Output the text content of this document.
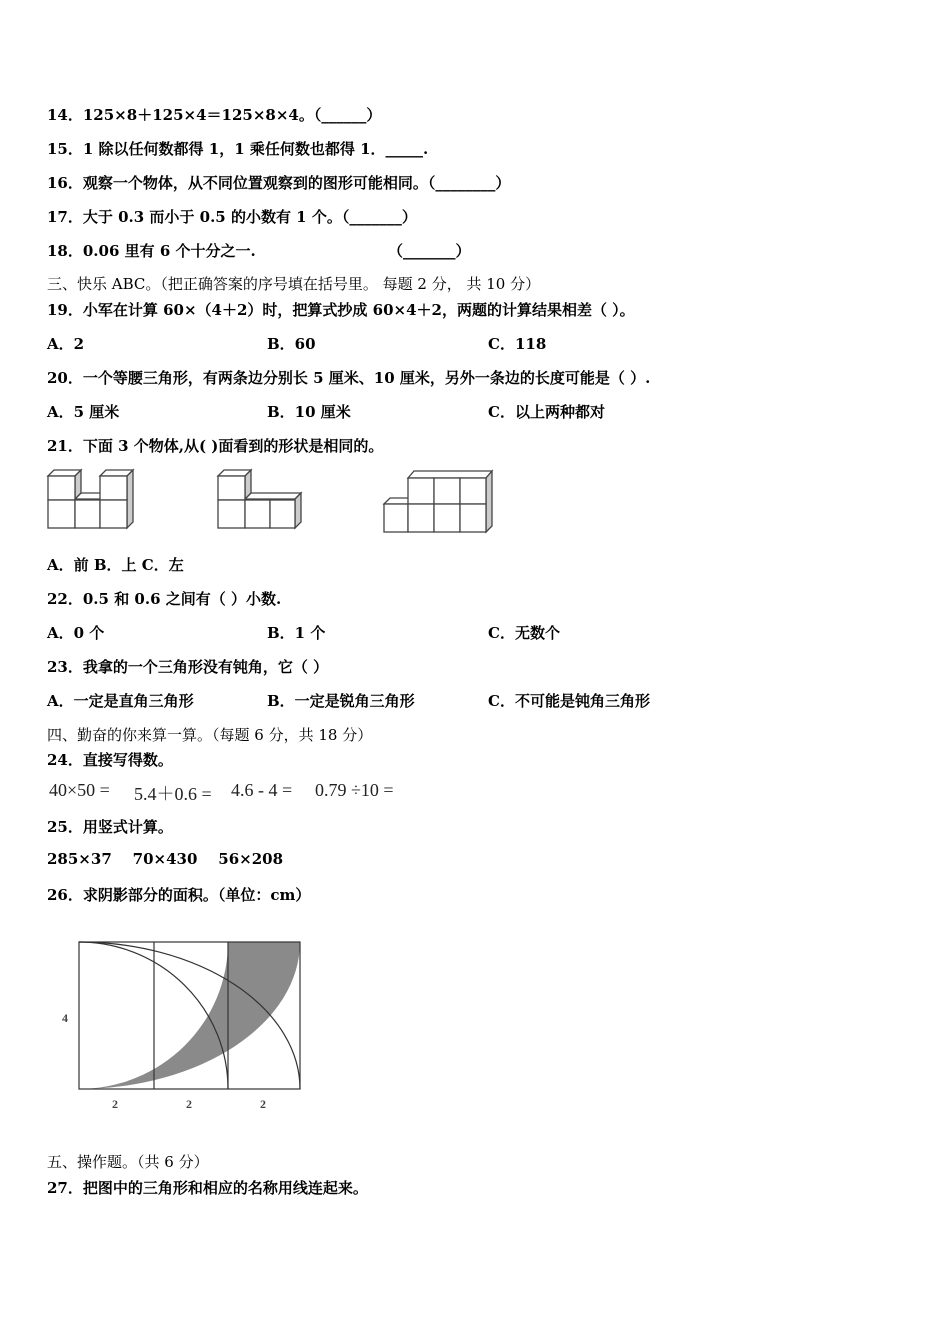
14．125×8＋125×4＝125×8×4。（______）
15．1 除以任何数都得 1，1 乘任何数也都得 1．_____.
16．观察一个物体，从不同位置观察到的图形可能相同。（________）
17．大于 0.3 而小于 0.5 的小数有 1 个。（_______）
18．0.06 里有 6 个十分之一.	（_______）
三、快乐 ABC。（把正确答案的序号填在括号里。 每题 2 分， 共 10 分）
19．小军在计算 60×（4＋2）时，把算式抄成 60×4＋2，两题的计算结果相差（ ）。
A．2	B．60	C．118
20．一个等腰三角形，有两条边分别长 5 厘米、10 厘米，另外一条边的长度可能是（ ）.
A．5 厘米	B．10 厘米	C．以上两种都对
21．下面 3 个物体,从( )面看到的形状是相同的。
A．前 B．上 C．左
22．0.5 和 0.6 之间有（ ）小数.
A．0 个	B．1 个	C．无数个
23．我拿的一个三角形没有钝角，它（ ）
A．一定是直角三角形	B．一定是锐角三角形	C．不可能是钝角三角形
四、勤奋的你来算一算。（每题 6 分，共 18 分）
24．直接写得数。
40×50 = 5.4＋0.6 = 4.6 - 4 = 0.79 ÷10 =
25．用竖式计算。
285×37    70×430    56×208
26．求阴影部分的面积。（单位：cm）
4
2	2	2
五、操作题。（共 6 分）
27．把图中的三角形和相应的名称用线连起来。
